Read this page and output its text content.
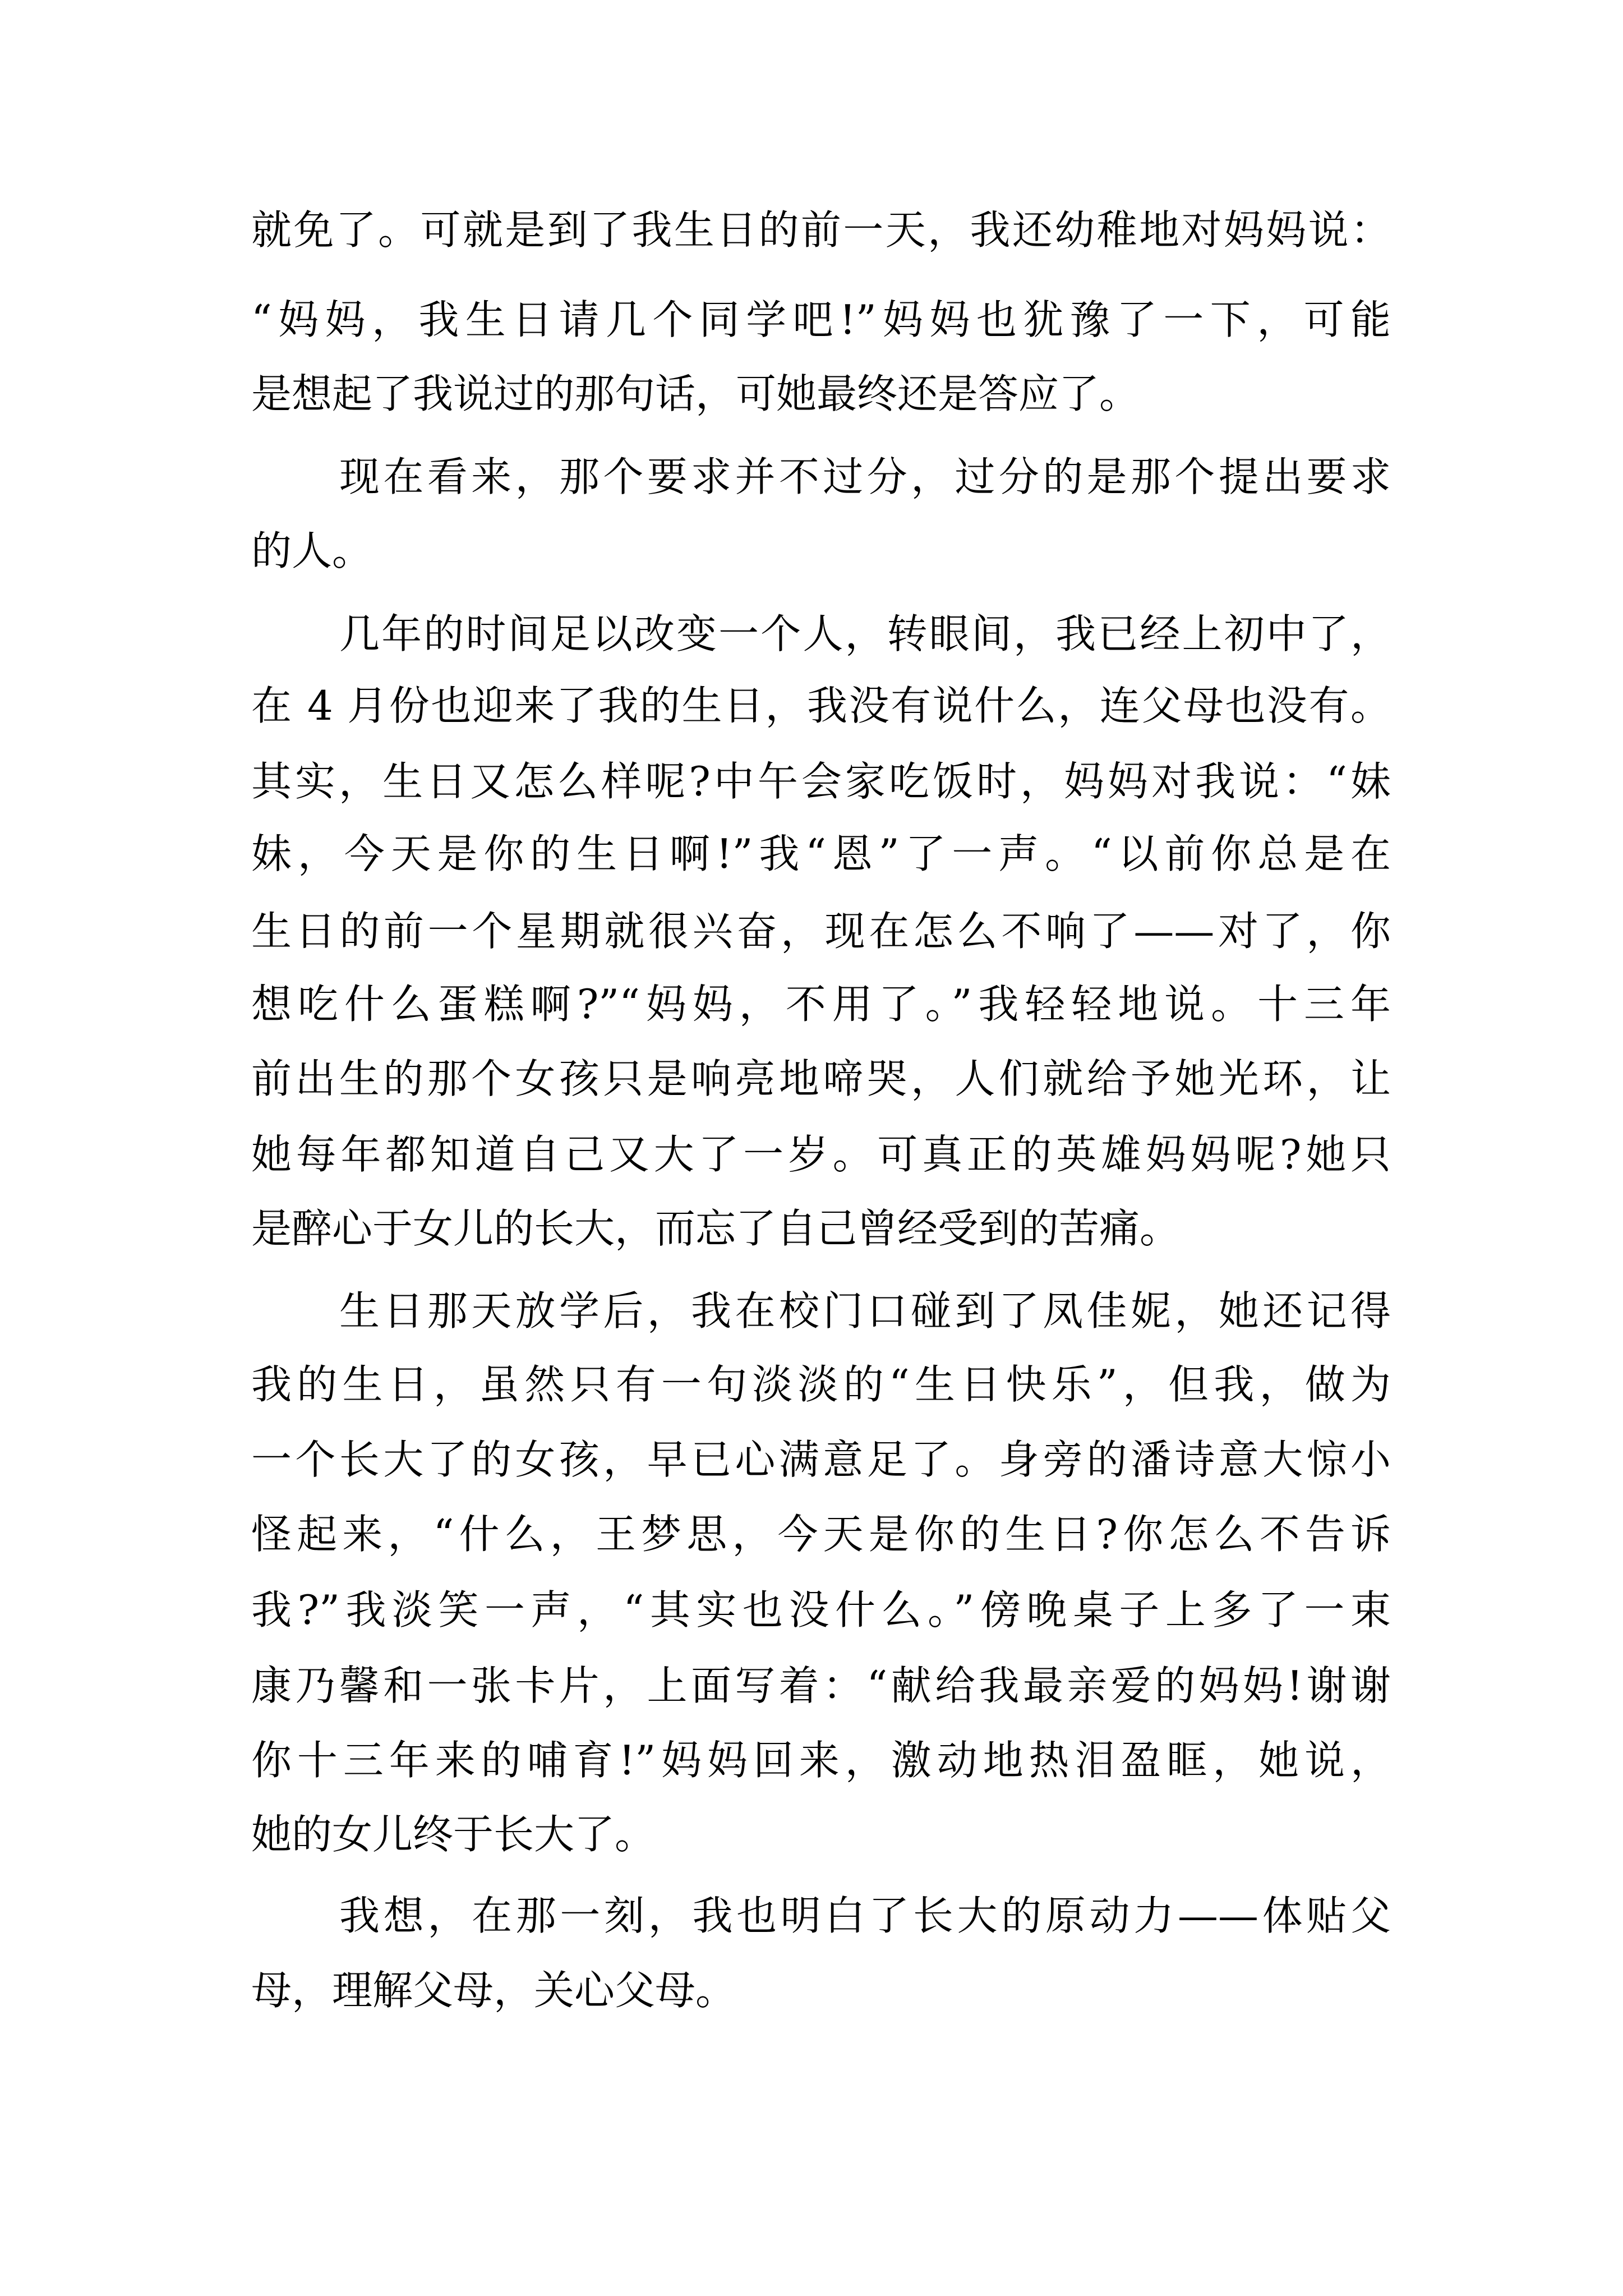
就免了。可就是到了我生日的前一天，我还幼稚地对妈妈说：
“妈妈，我生日请几个同学吧!”妈妈也犹豫了一下，可能
是想起了我说过的那句话，可她最终还是答应了。
现在看来，那个要求并不过分，过分的是那个提出要求
的人。
几年的时间足以改变一个人，转眼间，我已经上初中了，
在 4 月份也迎来了我的生日，我没有说什么，连父母也没有。
其实，生日又怎么样呢?中午会家吃饭时，妈妈对我说：“妹
妹，今天是你的生日啊!”我“恩”了一声。“以前你总是在
生日的前一个星期就很兴奋，现在怎么不响了——对了，你
想吃什么蛋糕啊?”“妈妈，不用了。”我轻轻地说。十三年
前出生的那个女孩只是响亮地啼哭，人们就给予她光环，让
她每年都知道自己又大了一岁。可真正的英雄妈妈呢?她只
是醉心于女儿的长大，而忘了自己曾经受到的苦痛。
生日那天放学后，我在校门口碰到了凤佳妮，她还记得
我的生日，虽然只有一句淡淡的“生日快乐”，但我，做为
一个长大了的女孩，早已心满意足了。身旁的潘诗意大惊小
怪起来，“什么，王梦思，今天是你的生日?你怎么不告诉
我?”我淡笑一声，“其实也没什么。”傍晚桌子上多了一束
康乃馨和一张卡片，上面写着：“献给我最亲爱的妈妈!谢谢
你十三年来的哺育!”妈妈回来，激动地热泪盈眶，她说，
她的女儿终于长大了。
我想，在那一刻，我也明白了长大的原动力——体贴父
母，理解父母，关心父母。
